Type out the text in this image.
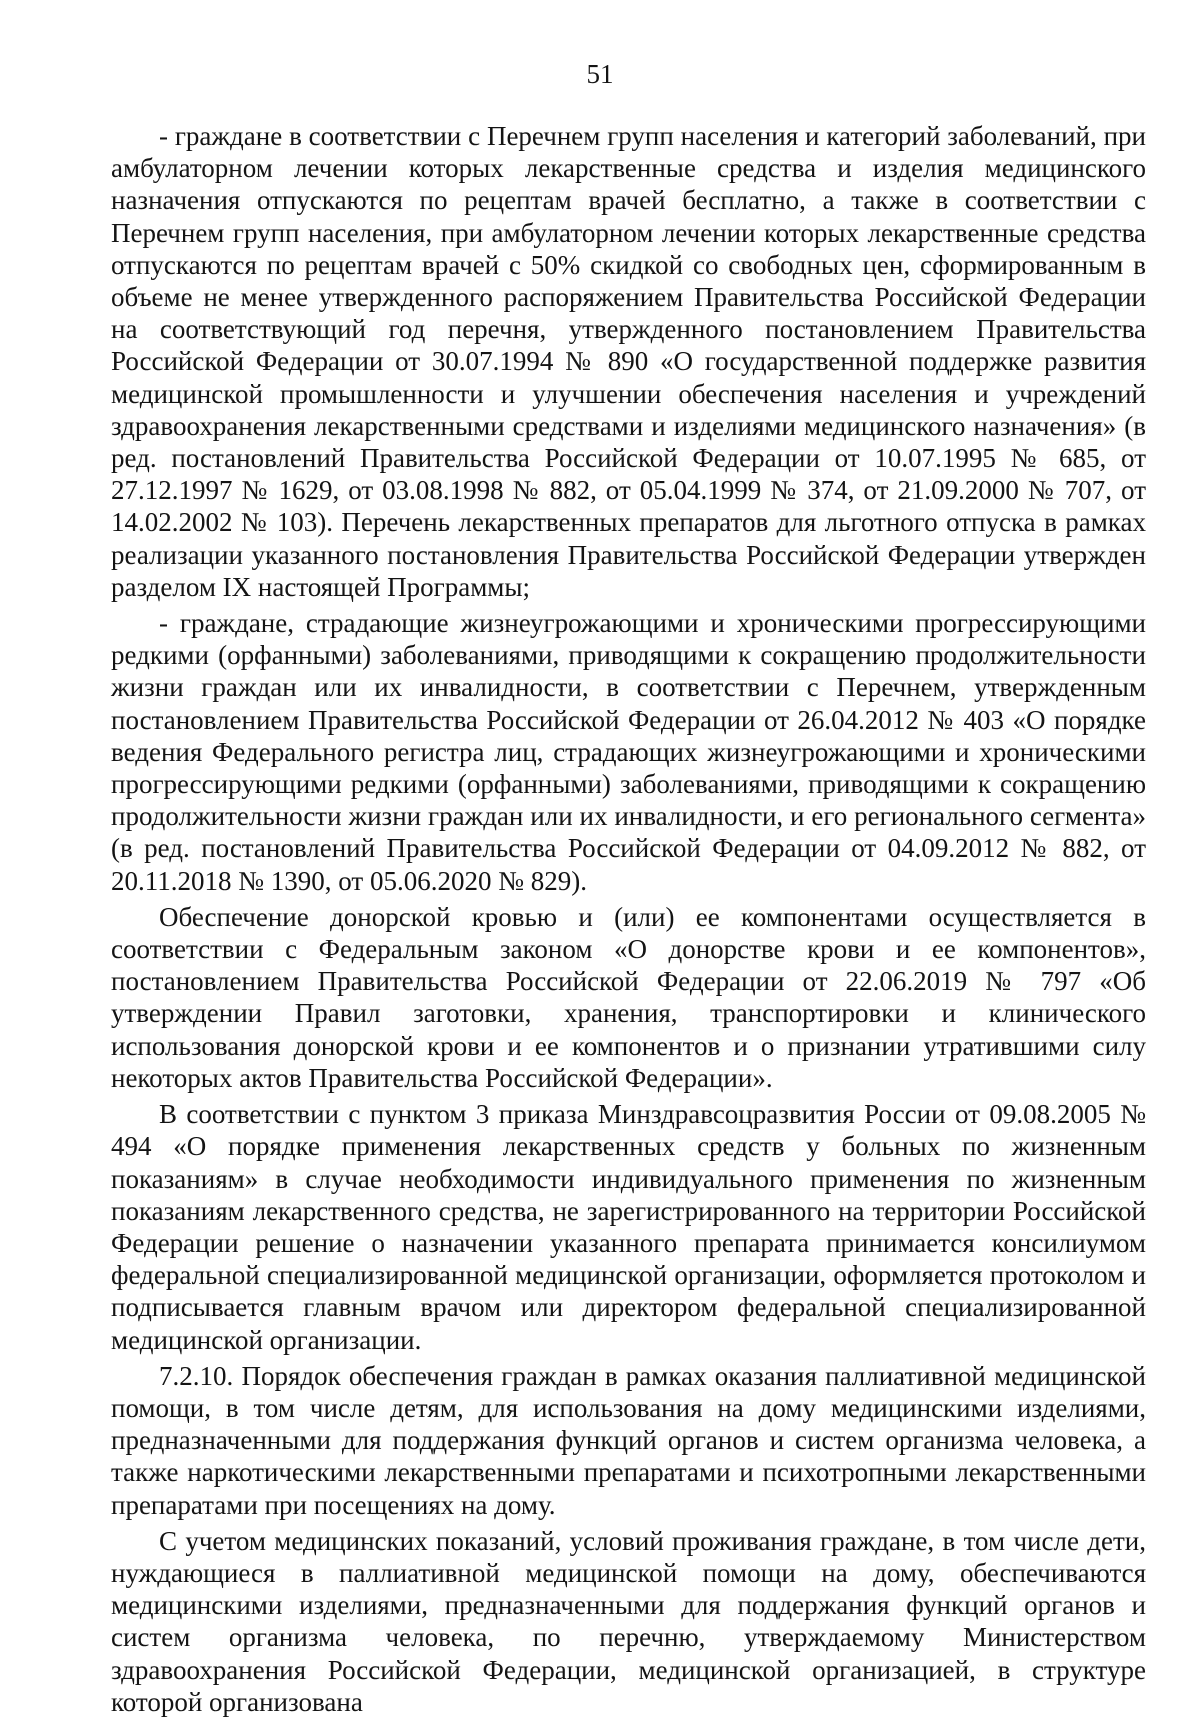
51

- граждане в соответствии с Перечнем групп населения и категорий заболеваний, при амбулаторном лечении которых лекарственные средства и изделия медицинского назначения отпускаются по рецептам врачей бесплатно, а также в соответствии с Перечнем групп населения, при амбулаторном лечении которых лекарственные средства отпускаются по рецептам врачей с 50% скидкой со свободных цен, сформированным в объеме не менее утвержденного распоряжением Правительства Российской Федерации на соответствующий год перечня, утвержденного постановлением Правительства Российской Федерации от 30.07.1994 № 890 «О государственной поддержке развития медицинской промышленности и улучшении обеспечения населения и учреждений здравоохранения лекарственными средствами и изделиями медицинского назначения» (в ред. постановлений Правительства Российской Федерации от 10.07.1995 № 685, от 27.12.1997 № 1629, от 03.08.1998 № 882, от 05.04.1999 № 374, от 21.09.2000 № 707, от 14.02.2002 № 103). Перечень лекарственных препаратов для льготного отпуска в рамках реализации указанного постановления Правительства Российской Федерации утвержден разделом IX настоящей Программы;

- граждане, страдающие жизнеугрожающими и хроническими прогрессирующими редкими (орфанными) заболеваниями, приводящими к сокращению продолжительности жизни граждан или их инвалидности, в соответствии с Перечнем, утвержденным постановлением Правительства Российской Федерации от 26.04.2012 № 403 «О порядке ведения Федерального регистра лиц, страдающих жизнеугрожающими и хроническими прогрессирующими редкими (орфанными) заболеваниями, приводящими к сокращению продолжительности жизни граждан или их инвалидности, и его регионального сегмента» (в ред. постановлений Правительства Российской Федерации от 04.09.2012 № 882, от 20.11.2018 № 1390, от 05.06.2020 № 829).

Обеспечение донорской кровью и (или) ее компонентами осуществляется в соответствии с Федеральным законом «О донорстве крови и ее компонентов», постановлением Правительства Российской Федерации от 22.06.2019 № 797 «Об утверждении Правил заготовки, хранения, транспортировки и клинического использования донорской крови и ее компонентов и о признании утратившими силу некоторых актов Правительства Российской Федерации».

В соответствии с пунктом 3 приказа Минздравсоцразвития России от 09.08.2005 № 494 «О порядке применения лекарственных средств у больных по жизненным показаниям» в случае необходимости индивидуального применения по жизненным показаниям лекарственного средства, не зарегистрированного на территории Российской Федерации решение о назначении указанного препарата принимается консилиумом федеральной специализированной медицинской организации, оформляется протоколом и подписывается главным врачом или директором федеральной специализированной медицинской организации.

7.2.10. Порядок обеспечения граждан в рамках оказания паллиативной медицинской помощи, в том числе детям, для использования на дому медицинскими изделиями, предназначенными для поддержания функций органов и систем организма человека, а также наркотическими лекарственными препаратами и психотропными лекарственными препаратами при посещениях на дому.

С учетом медицинских показаний, условий проживания граждане, в том числе дети, нуждающиеся в паллиативной медицинской помощи на дому, обеспечиваются медицинскими изделиями, предназначенными для поддержания функций органов и систем организма человека, по перечню, утверждаемому Министерством здравоохранения Российской Федерации, медицинской организацией, в структуре которой организована
